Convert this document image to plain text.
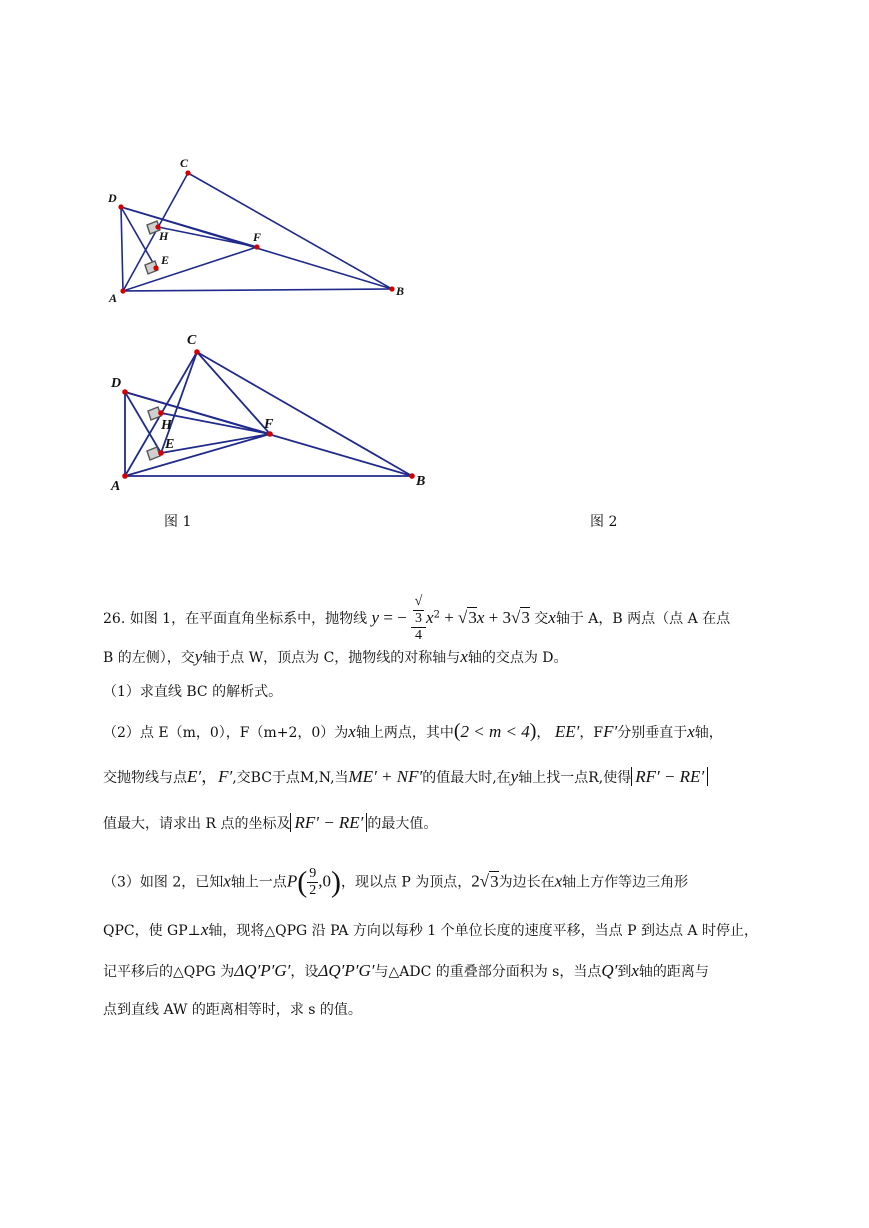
C
D
H	F
E
A	B
C
D
H	F
E
A	B
图 1	图 2
26. 如图 1，在平面直角坐标系中，抛物线 y = − √
3
4 $x^2 + √3x + 3√3$ 交x轴于 A，B 两点（点 A 在点
B 的左侧），交y轴于点 W，顶点为 C，抛物线的对称轴与x轴的交点为 D。
（1）求直线 BC 的解析式。
（2）点 E（m，0），F（m+2，0）为x轴上两点，其中(2 < m < 4)， EE′，FF′分别垂直于x轴，
交抛物线与点E′，F′,交BC于点M,N,当ME′ + NF′的值最大时,在y轴上找一点R,使得 RF′ − RE′
值最大，请求出 R 点的坐标及 RF′ − RE′ 的最大值。
（3）如图 2，已知x轴上一点$P( \frac{9}{2} ,0)$，现以点 P 为顶点，2√3为边长在x轴上方作等边三角形
QPC，使 GP⊥x轴，现将△QPG 沿 PA 方向以每秒 1 个单位长度的速度平移，当点 P 到达点 A 时停止，
记平移后的△QPG 为ΔQ′P′G′，设ΔQ′P′G′与△ADC 的重叠部分面积为 s，当点Q′到x轴的距离与
点到直线 AW 的距离相等时，求 s 的值。
